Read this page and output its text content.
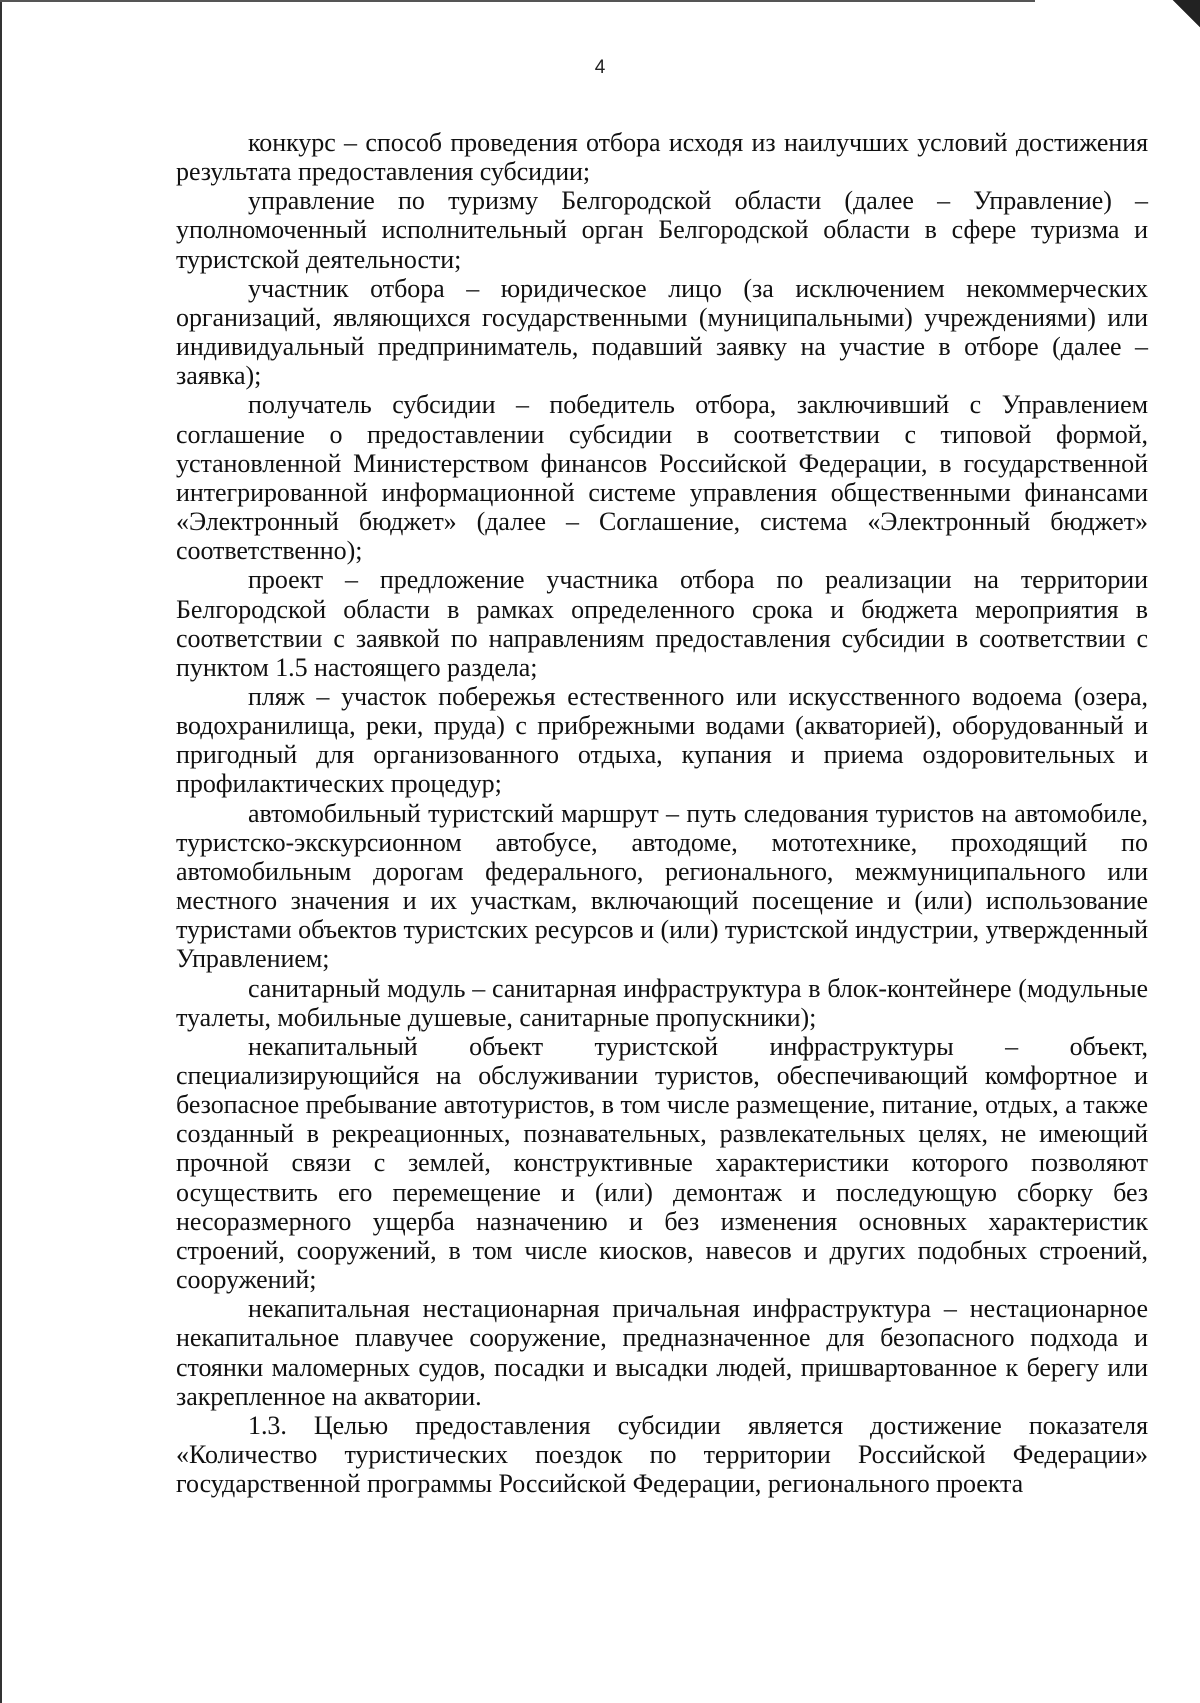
4

конкурс – способ проведения отбора исходя из наилучших условий достижения результата предоставления субсидии;

управление по туризму Белгородской области (далее – Управление) – уполномоченный исполнительный орган Белгородской области в сфере туризма и туристской деятельности;

участник отбора – юридическое лицо (за исключением некоммерческих организаций, являющихся государственными (муниципальными) учреждениями) или индивидуальный предприниматель, подавший заявку на участие в отборе (далее – заявка);

получатель субсидии – победитель отбора, заключивший с Управлением соглашение о предоставлении субсидии в соответствии с типовой формой, установленной Министерством финансов Российской Федерации, в государственной интегрированной информационной системе управления общественными финансами «Электронный бюджет» (далее – Соглашение, система «Электронный бюджет» соответственно);

проект – предложение участника отбора по реализации на территории Белгородской области в рамках определенного срока и бюджета мероприятия в соответствии с заявкой по направлениям предоставления субсидии в соответствии с пунктом 1.5 настоящего раздела;

пляж – участок побережья естественного или искусственного водоема (озера, водохранилища, реки, пруда) с прибрежными водами (акваторией), оборудованный и пригодный для организованного отдыха, купания и приема оздоровительных и профилактических процедур;

автомобильный туристский маршрут – путь следования туристов на автомобиле, туристско-экскурсионном автобусе, автодоме, мототехнике, проходящий по автомобильным дорогам федерального, регионального, межмуниципального или местного значения и их участкам, включающий посещение и (или) использование туристами объектов туристских ресурсов и (или) туристской индустрии, утвержденный Управлением;

санитарный модуль – санитарная инфраструктура в блок-контейнере (модульные туалеты, мобильные душевые, санитарные пропускники);

некапитальный объект туристской инфраструктуры – объект, специализирующийся на обслуживании туристов, обеспечивающий комфортное и безопасное пребывание автотуристов, в том числе размещение, питание, отдых, а также созданный в рекреационных, познавательных, развлекательных целях, не имеющий прочной связи с землей, конструктивные характеристики которого позволяют осуществить его перемещение и (или) демонтаж и последующую сборку без несоразмерного ущерба назначению и без изменения основных характеристик строений, сооружений, в том числе киосков, навесов и других подобных строений, сооружений;

некапитальная нестационарная причальная инфраструктура – нестационарное некапитальное плавучее сооружение, предназначенное для безопасного подхода и стоянки маломерных судов, посадки и высадки людей, пришвартованное к берегу или закрепленное на акватории.

1.3. Целью предоставления субсидии является достижение показателя «Количество туристических поездок по территории Российской Федерации» государственной программы Российской Федерации, регионального проекта
